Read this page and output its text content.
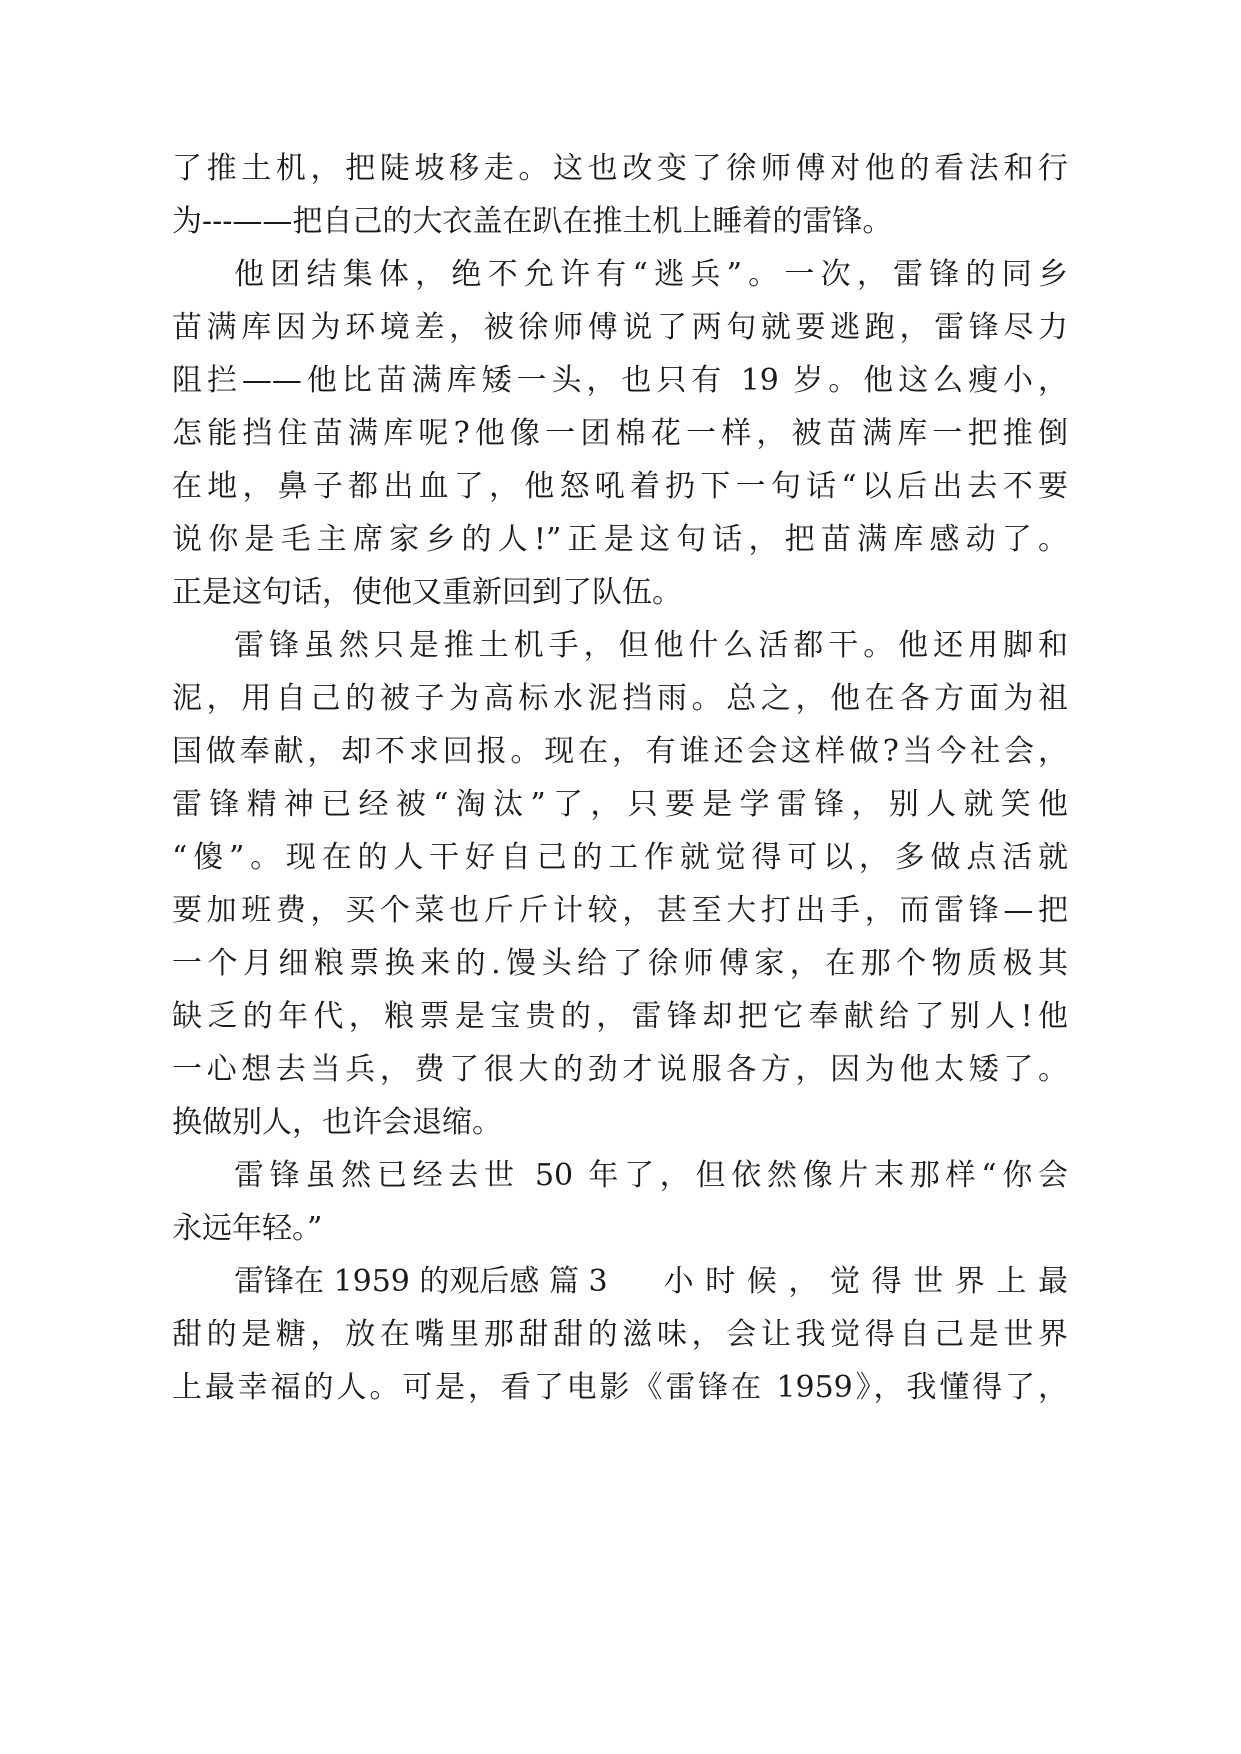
了推土机，把陡坡移走。这也改变了徐师傅对他的看法和行
为---——把自己的大衣盖在趴在推土机上睡着的雷锋。
他团结集体，绝不允许有“逃兵”。一次，雷锋的同乡
苗满库因为环境差，被徐师傅说了两句就要逃跑，雷锋尽力
阻拦——他比苗满库矮一头，也只有 19 岁。他这么瘦小，
怎能挡住苗满库呢?他像一团棉花一样，被苗满库一把推倒
在地，鼻子都出血了，他怒吼着扔下一句话“以后出去不要
说你是毛主席家乡的人!”正是这句话，把苗满库感动了。
正是这句话，使他又重新回到了队伍。
雷锋虽然只是推土机手，但他什么活都干。他还用脚和
泥，用自己的被子为高标水泥挡雨。总之，他在各方面为祖
国做奉献，却不求回报。现在，有谁还会这样做?当今社会，
雷锋精神已经被“淘汰”了，只要是学雷锋，别人就笑他
“傻”。现在的人干好自己的工作就觉得可以，多做点活就
要加班费，买个菜也斤斤计较，甚至大打出手，而雷锋—把
一个月细粮票换来的.馒头给了徐师傅家，在那个物质极其
缺乏的年代，粮票是宝贵的，雷锋却把它奉献给了别人!他
一心想去当兵，费了很大的劲才说服各方，因为他太矮了。
换做别人，也许会退缩。
雷锋虽然已经去世 50 年了，但依然像片末那样“你会
永远年轻。”
雷锋在 1959 的观后感 篇 3 小时候，觉得世界上最
甜的是糖，放在嘴里那甜甜的滋味，会让我觉得自己是世界
上最幸福的人。可是，看了电影《雷锋在 1959》，我懂得了，
